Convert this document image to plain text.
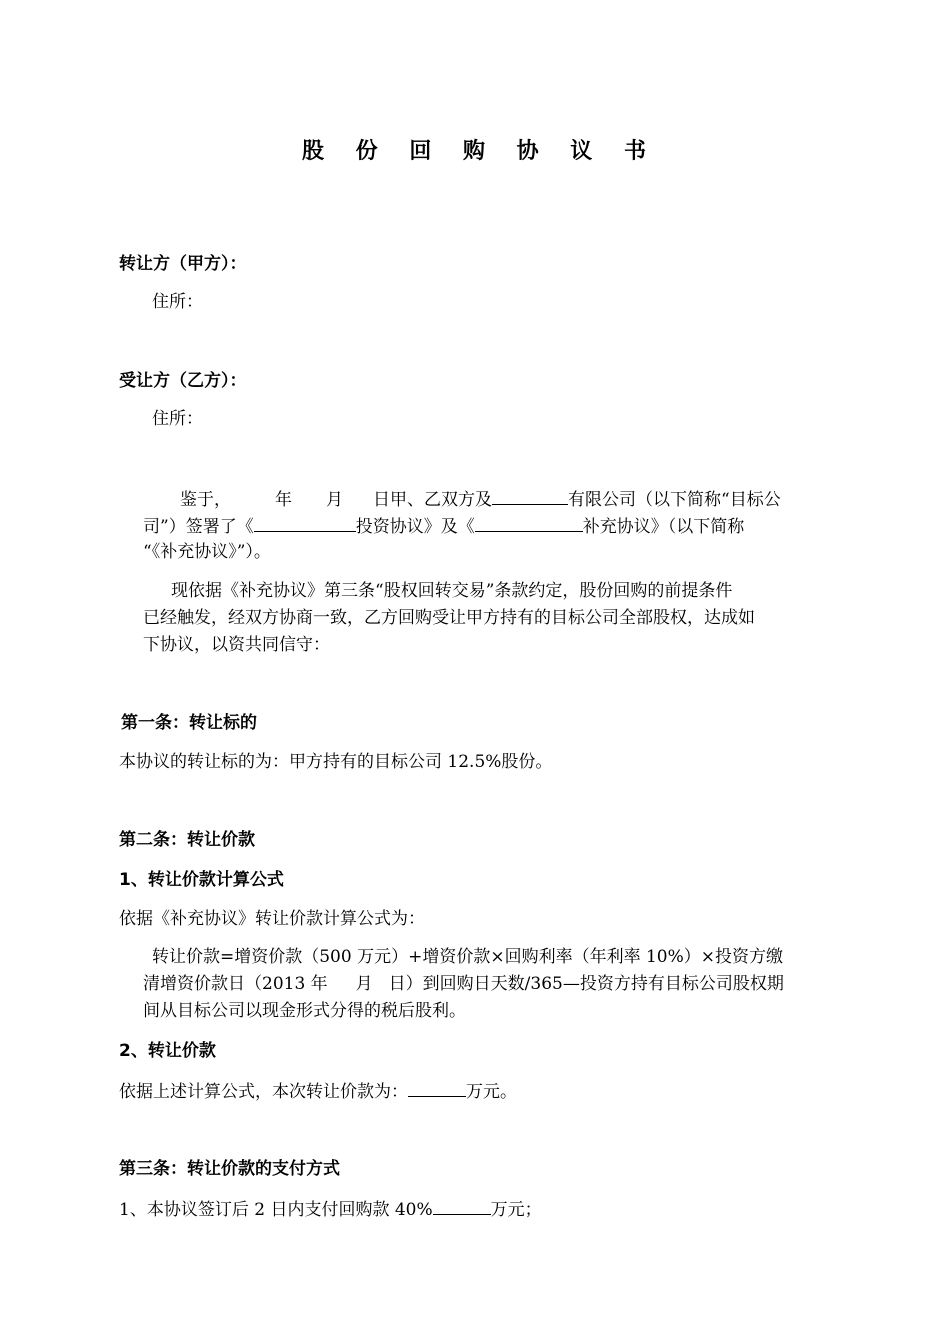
股 份 回 购 协 议 书
转让方（甲方）：
住所：
受让方（乙方）：
住所：
鉴于，	年 月 日甲、乙双方及	有限公司（以下简称“目标公
司”）签署了《	投资协议》及《	补充协议》（以下简称
“《补充协议》”）。
现依据《补充协议》第三条“股权回转交易”条款约定，股份回购的前提条件
已经触发，经双方协商一致，乙方回购受让甲方持有的目标公司全部股权，达成如
下协议，以资共同信守：
第一条：转让标的
本协议的转让标的为：甲方持有的目标公司 12.5%股份。
第二条：转让价款
1、转让价款计算公式
依据《补充协议》转让价款计算公式为：
转让价款=增资价款（500 万元）+增资价款×回购利率（年利率 10%）×投资方缴
清增资价款日（2013 年 月 日）到回购日天数/365—投资方持有目标公司股权期
间从目标公司以现金形式分得的税后股利。
2、转让价款
依据上述计算公式，本次转让价款为：	万元。
第三条：转让价款的支付方式
1、本协议签订后 2 日内支付回购款 40%	万元；
